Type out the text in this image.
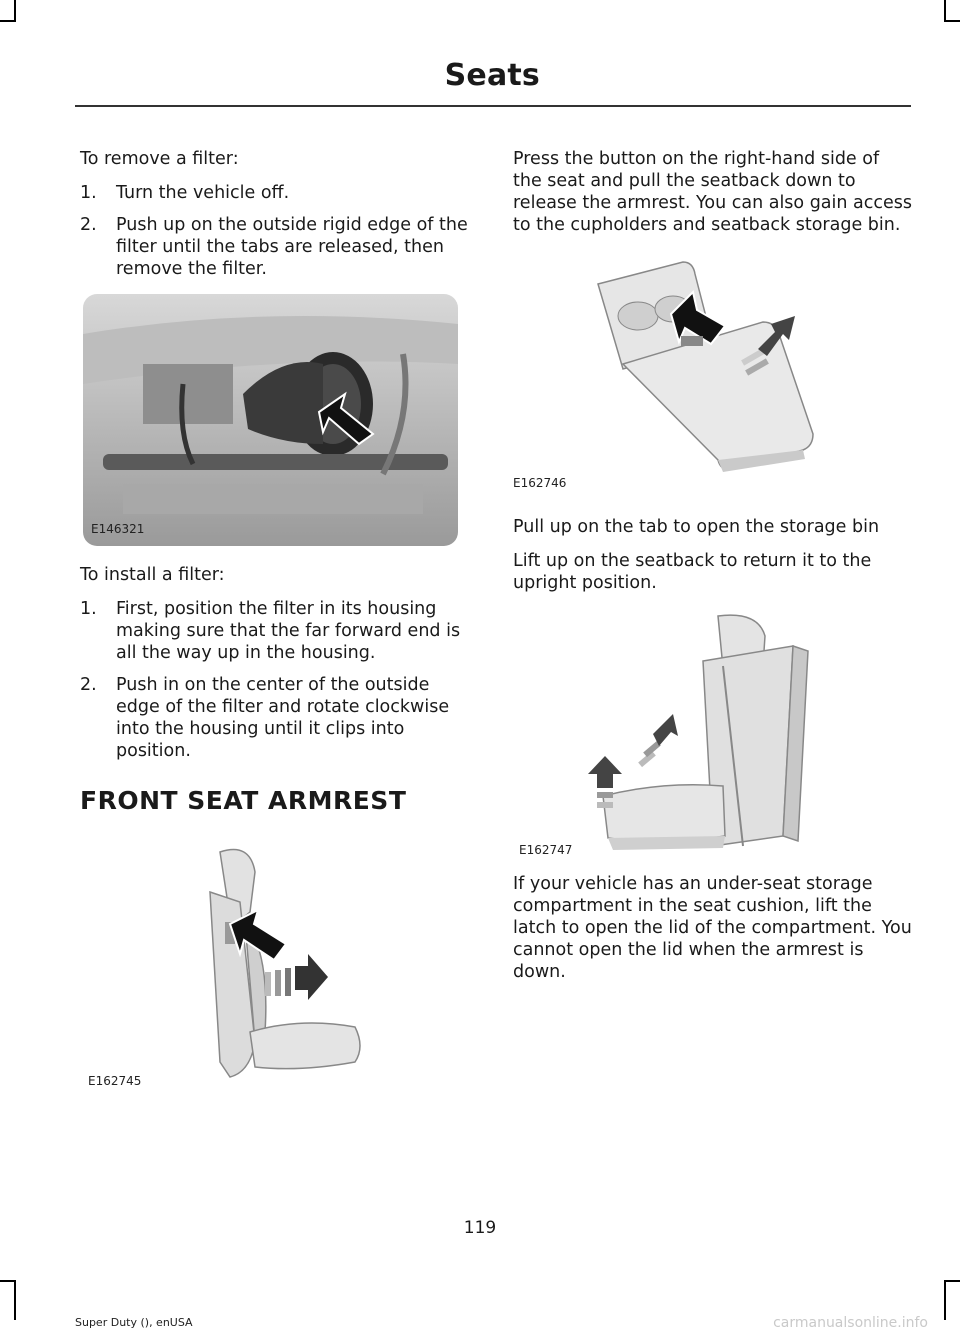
Seats

To remove a filter:

1. Turn the vehicle off.
2. Push up on the outside rigid edge of the filter until the tabs are released, then remove the filter.
E146321

To install a filter:

1. First, position the filter in its housing making sure that the far forward end is all the way up in the housing.
2. Push in on the center of the outside edge of the filter and rotate clockwise into the housing until it clips into position.
FRONT SEAT ARMREST
E162745

Press the button on the right-hand side of the seat and pull the seatback down to release the armrest. You can also gain access to the cupholders and seatback storage bin.

E162746

Pull up on the tab to open the storage bin

Lift up on the seatback to return it to the upright position.

E162747

If your vehicle has an under-seat storage compartment in the seat cushion, lift the latch to open the lid of the compartment. You cannot open the lid when the armrest is down.

119
Super Duty (), enUSA	carmanualsonline.info
